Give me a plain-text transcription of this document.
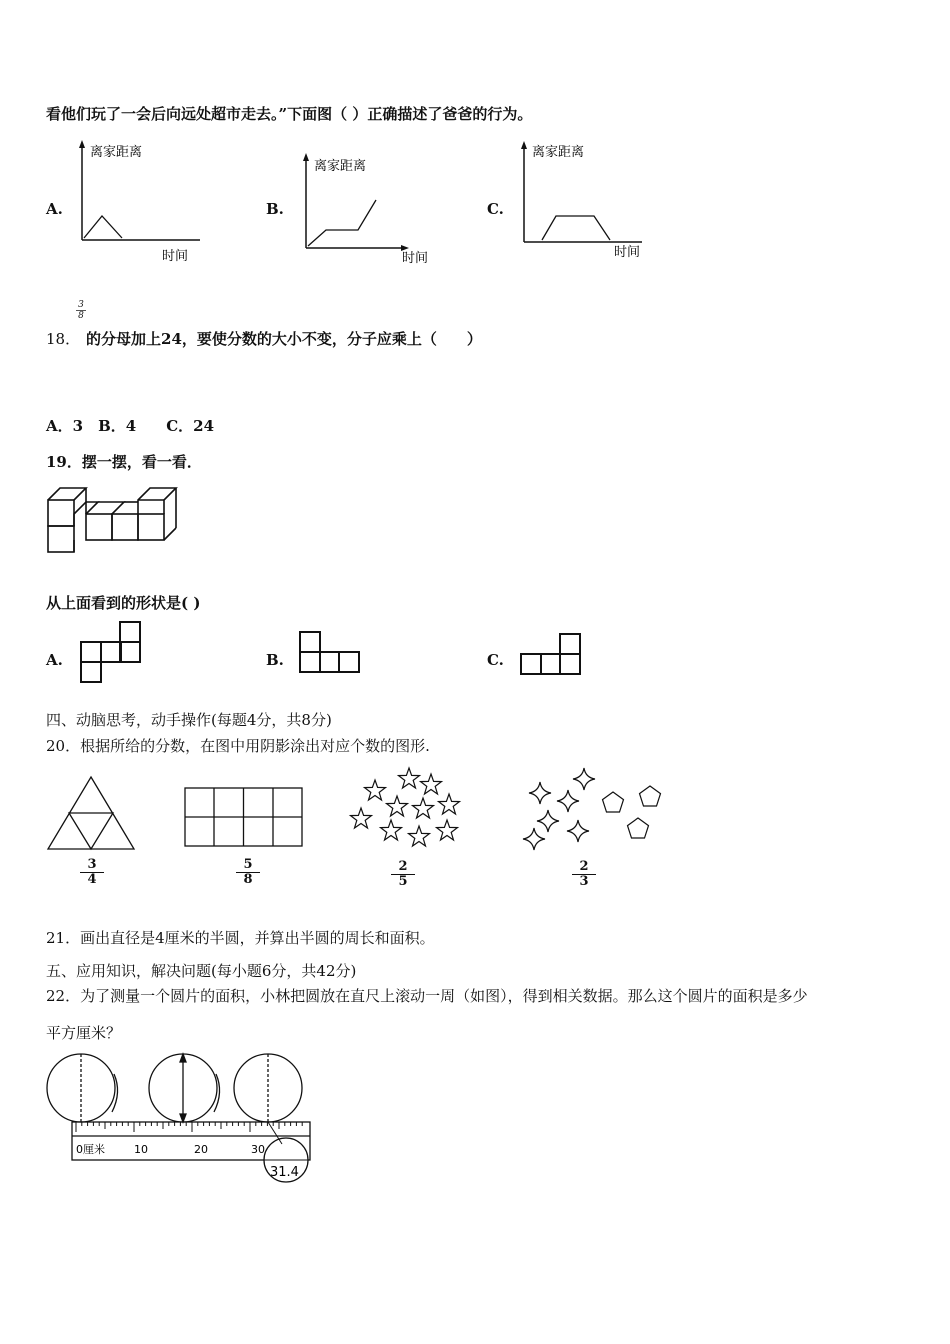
看他们玩了一会后向远处超市走去。”下面图（ ）正确描述了爸爸的行为。
A.
离家距离
时间
B.
离家距离
时间
C.
离家距离
时间
18．
$\frac{3}{8}$
的分母加上24，要使分数的大小不变，分子应乘上（　　）
A．3　B．4　　C．24
19．摆一摆，看一看．
从上面看到的形状是( )
A.	B.	C.
四、动脑思考，动手操作(每题4分，共8分)
20．根据所给的分数，在图中用阴影涂出对应个数的图形.
$\frac{3}{4}$	$\frac{5}{8}$	$\frac{2}{5}$	$\frac{2}{3}$
21．画出直径是4厘米的半圆，并算出半圆的周长和面积。
五、应用知识，解决问题(每小题6分，共42分)
22．为了测量一个圆片的面积，小林把圆放在直尺上滚动一周（如图），得到相关数据。那么这个圆片的面积是多少
平方厘米？
0厘米	10	20	30
31.4
